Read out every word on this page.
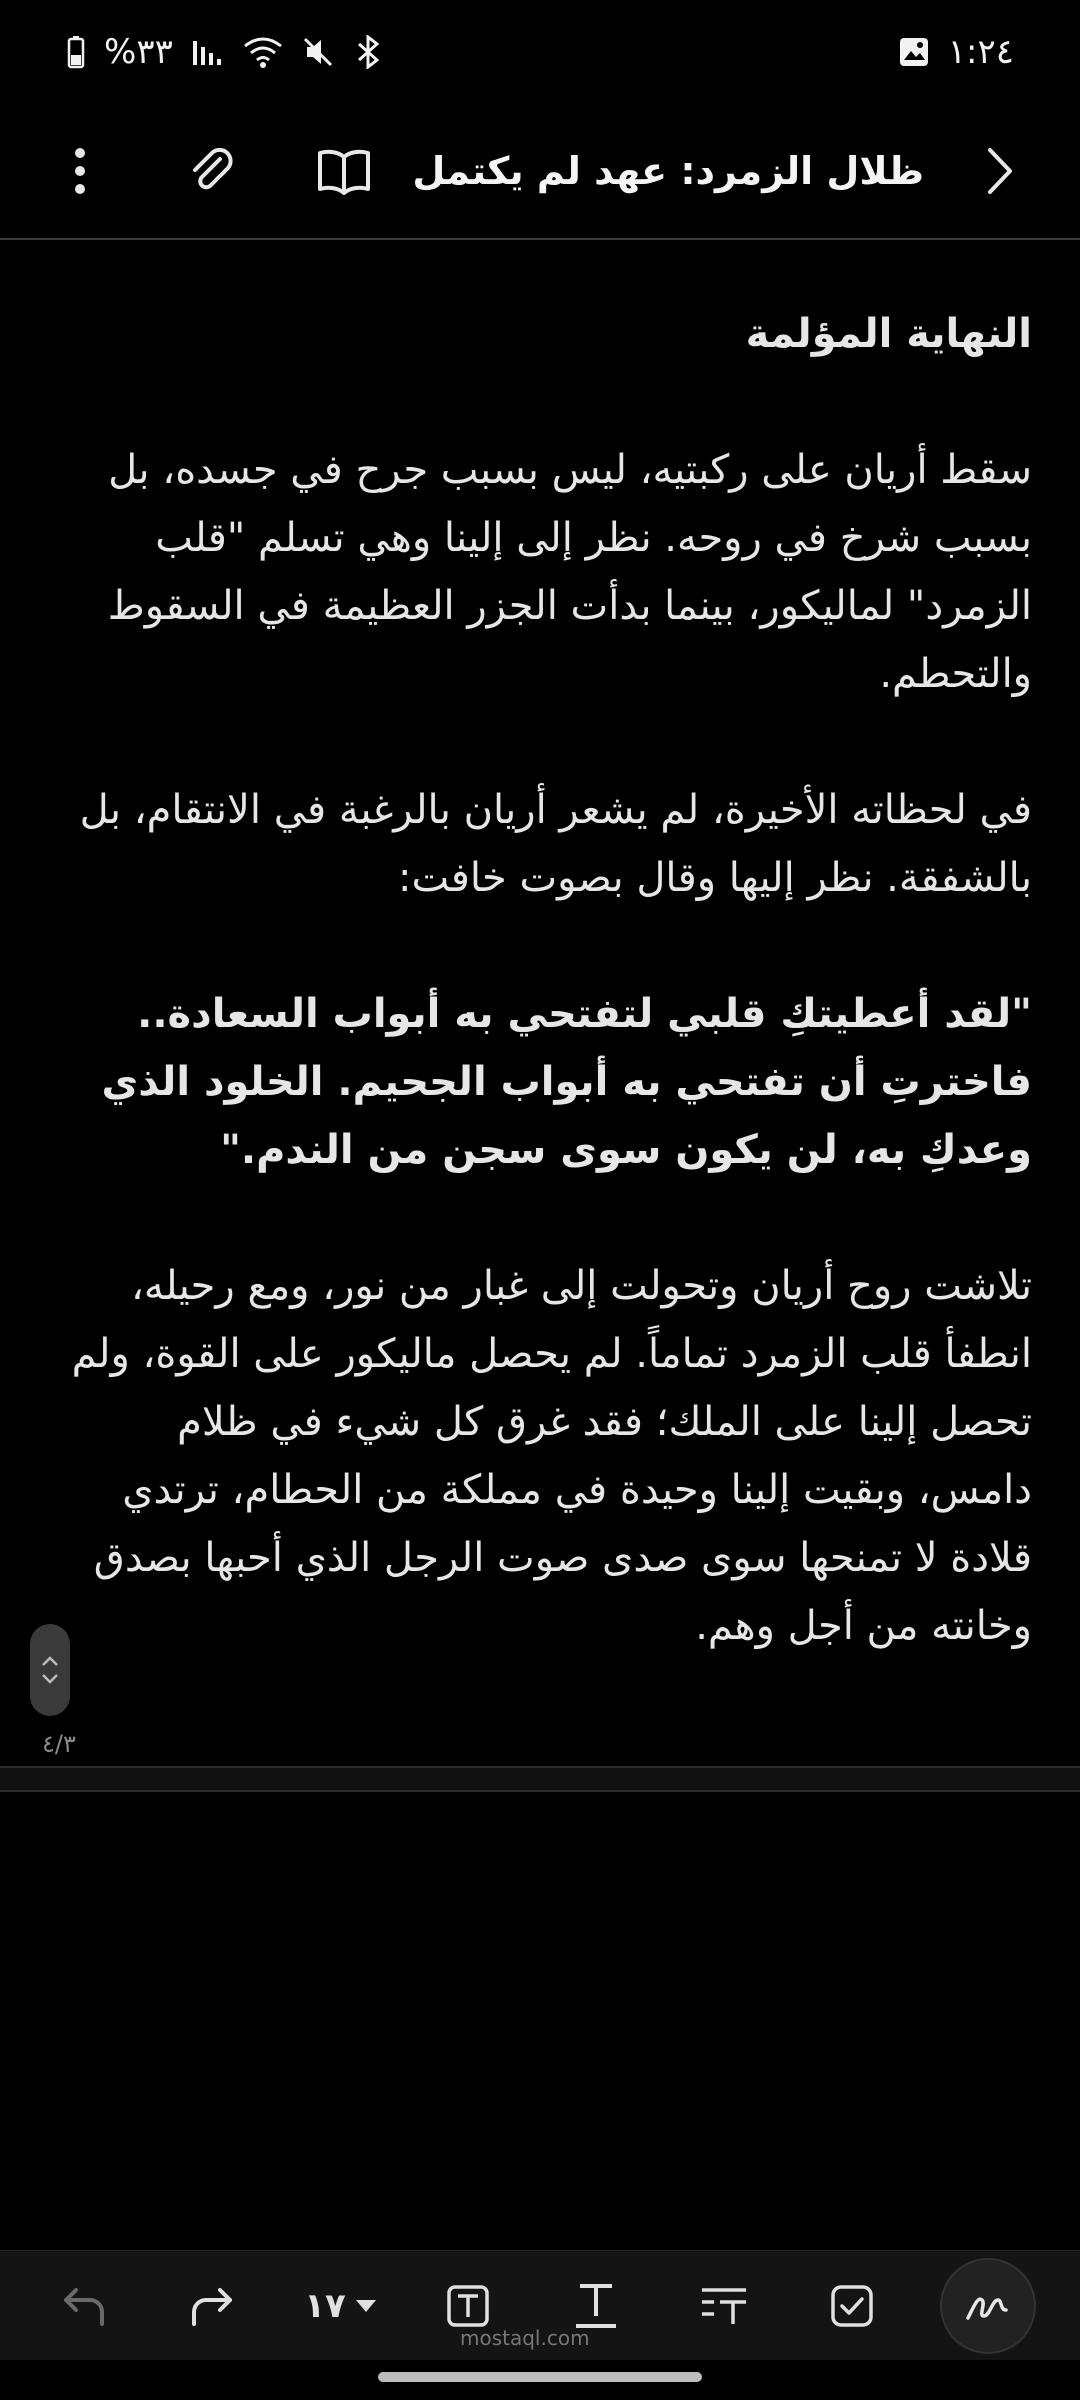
%٣٣	١:٢٤
ظلال الزمرد: عهد لم يكتمل

النهاية المؤلمة

سقط أريان على ركبتيه، ليس بسبب جرح في جسده، بل بسبب شرخ في روحه. نظر إلى إلينا وهي تسلم "قلب الزمرد" لماليكور، بينما بدأت الجزر العظيمة في السقوط والتحطم.

في لحظاته الأخيرة، لم يشعر أريان بالرغبة في الانتقام، بل بالشفقة. نظر إليها وقال بصوت خافت:

"لقد أعطيتكِ قلبي لتفتحي به أبواب السعادة.. فاخترتِ أن تفتحي به أبواب الجحيم. الخلود الذي وعدكِ به، لن يكون سوى سجن من الندم."

تلاشت روح أريان وتحولت إلى غبار من نور، ومع رحيله، انطفأ قلب الزمرد تماماً. لم يحصل ماليكور على القوة، ولم تحصل إلينا على الملك؛ فقد غرق كل شيء في ظلام دامس، وبقيت إلينا وحيدة في مملكة من الحطام، ترتدي قلادة لا تمنحها سوى صدى صوت الرجل الذي أحبها بصدق وخانته من أجل وهم.

٤/٣
١٧
mostaql.com
